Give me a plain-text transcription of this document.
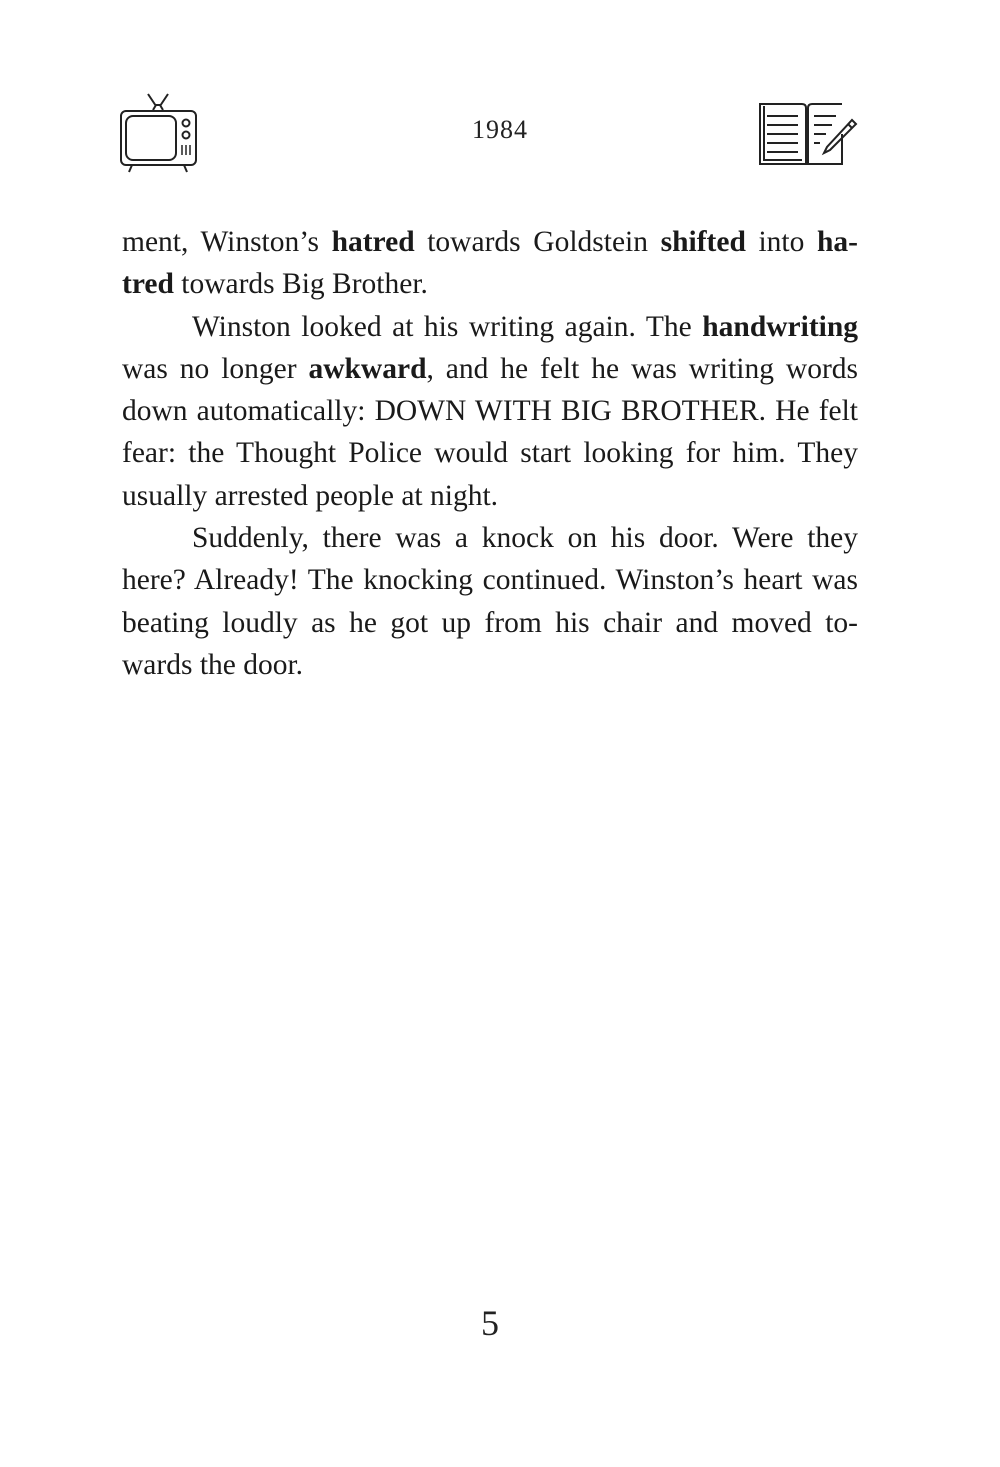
1984

ment, Winston’s hatred towards Goldstein shifted into ha-tred towards Big Brother.

Winston looked at his writing again. The handwriting was no longer awkward, and he felt he was writing words down automatically: DOWN WITH BIG BROTHER. He felt fear: the Thought Police would start looking for him. They usually arrested people at night.

Suddenly, there was a knock on his door. Were they here? Already! The knocking continued. Winston’s heart was beating loudly as he got up from his chair and moved to-wards the door.

5
